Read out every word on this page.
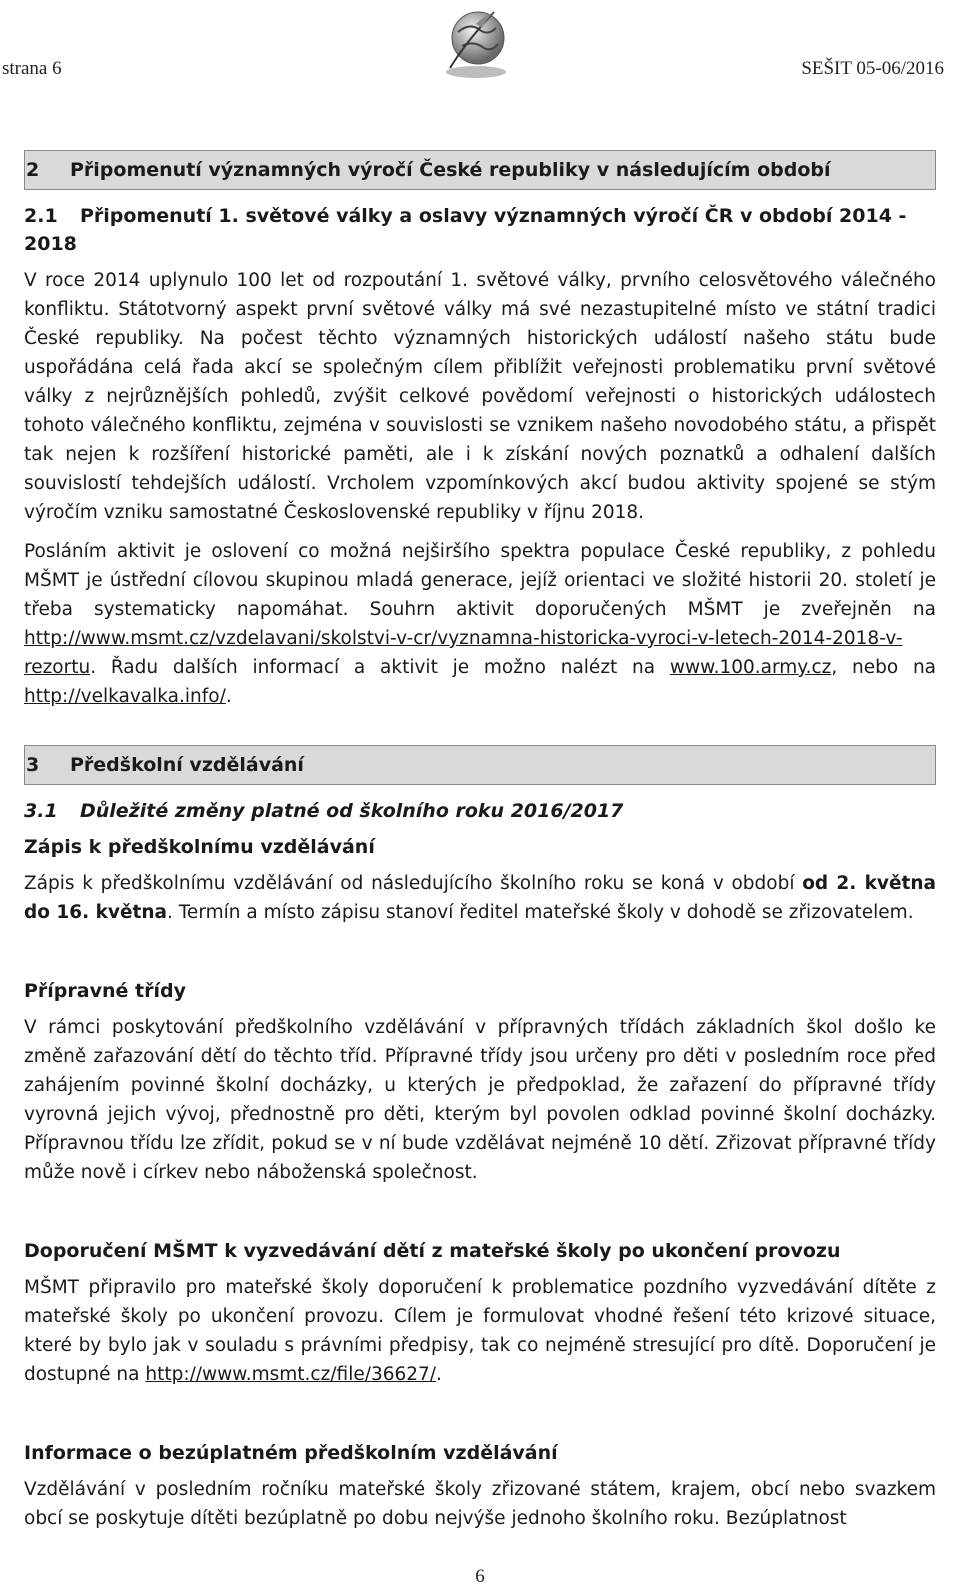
strana 6	SEŠIT 05-06/2016
2 Připomenutí významných výročí České republiky v následujícím období
2.1 Připomenutí 1. světové války a oslavy významných výročí ČR v období 2014 - 2018

V roce 2014 uplynulo 100 let od rozpoutání 1. světové války, prvního celosvětového válečného konfliktu. Státotvorný aspekt první světové války má své nezastupitelné místo ve státní tradici České republiky. Na počest těchto významných historických událostí našeho státu bude uspořádána celá řada akcí se společným cílem přiblížit veřejnosti problematiku první světové války z nejrůznějších pohledů, zvýšit celkové povědomí veřejnosti o historických událostech tohoto válečného konfliktu, zejména v souvislosti se vznikem našeho novodobého státu, a přispět tak nejen k rozšíření historické paměti, ale i k získání nových poznatků a odhalení dalších souvislostí tehdejších událostí. Vrcholem vzpomínkových akcí budou aktivity spojené se stým výročím vzniku samostatné Československé republiky v říjnu 2018.

Posláním aktivit je oslovení co možná nejširšího spektra populace České republiky, z pohledu MŠMT je ústřední cílovou skupinou mladá generace, jejíž orientaci ve složité historii 20. století je třeba systematicky napomáhat. Souhrn aktivit doporučených MŠMT je zveřejněn na http://www.msmt.cz/vzdelavani/skolstvi-v-cr/vyznamna-historicka-vyroci-v-letech-2014-2018-v-rezortu. Řadu dalších informací a aktivit je možno nalézt na www.100.army.cz, nebo na http://velkavalka.info/.

3 Předškolní vzdělávání
3.1 Důležité změny platné od školního roku 2016/2017
Zápis k předškolnímu vzdělávání

Zápis k předškolnímu vzdělávání od následujícího školního roku se koná v období od 2. května do 16. května. Termín a místo zápisu stanoví ředitel mateřské školy v dohodě se zřizovatelem.

Přípravné třídy

V rámci poskytování předškolního vzdělávání v přípravných třídách základních škol došlo ke změně zařazování dětí do těchto tříd. Přípravné třídy jsou určeny pro děti v posledním roce před zahájením povinné školní docházky, u kterých je předpoklad, že zařazení do přípravné třídy vyrovná jejich vývoj, přednostně pro děti, kterým byl povolen odklad povinné školní docházky. Přípravnou třídu lze zřídit, pokud se v ní bude vzdělávat nejméně 10 dětí. Zřizovat přípravné třídy může nově i církev nebo náboženská společnost.

Doporučení MŠMT k vyzvedávání dětí z mateřské školy po ukončení provozu

MŠMT připravilo pro mateřské školy doporučení k problematice pozdního vyzvedávání dítěte z mateřské školy po ukončení provozu. Cílem je formulovat vhodné řešení této krizové situace, které by bylo jak v souladu s právními předpisy, tak co nejméně stresující pro dítě. Doporučení je dostupné na http://www.msmt.cz/file/36627/.

Informace o bezúplatném předškolním vzdělávání

Vzdělávání v posledním ročníku mateřské školy zřizované státem, krajem, obcí nebo svazkem obcí se poskytuje dítěti bezúplatně po dobu nejvýše jednoho školního roku. Bezúplatnost

6
